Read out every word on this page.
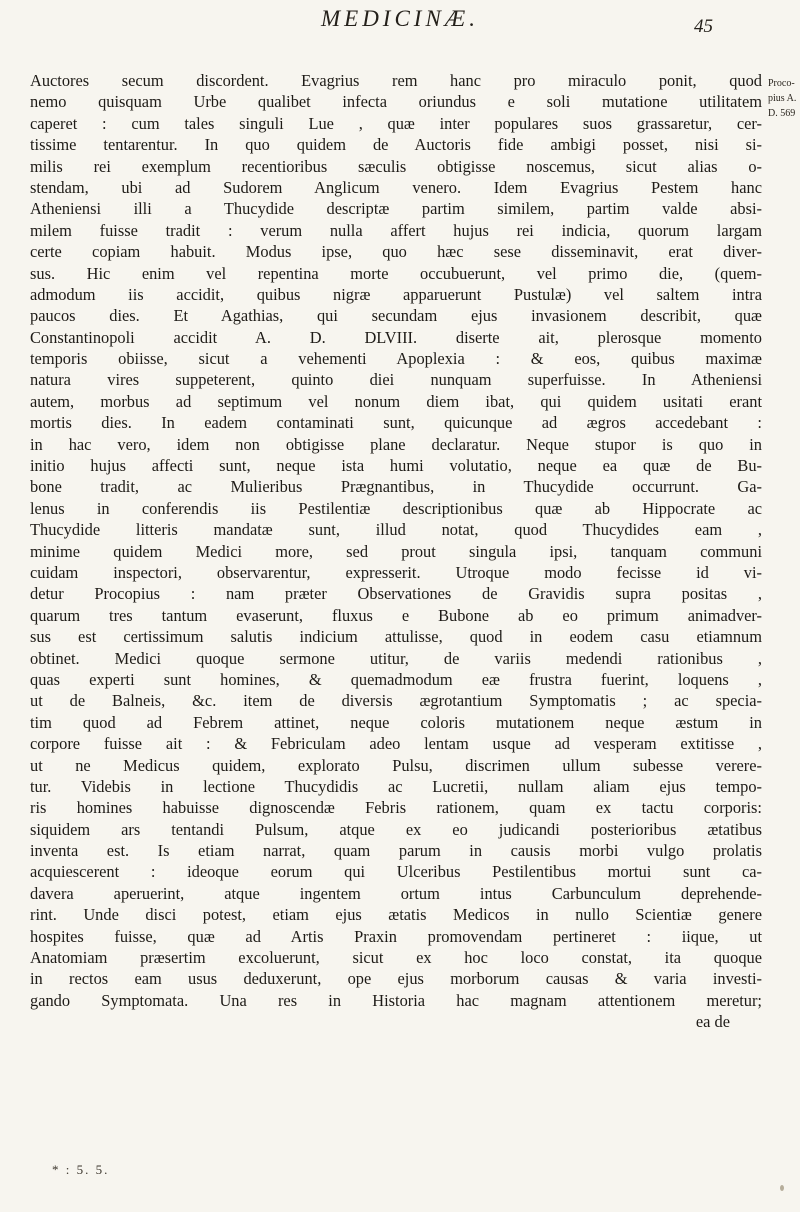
MEDICINÆ.	45
Proco-
pius A.
D. 569
Auctores secum discordent. Evagrius rem hanc pro miraculo ponit, quod
nemo quisquam Urbe qualibet infecta oriundus e soli mutatione utilitatem
caperet : cum tales singuli Lue , quæ inter populares suos grassaretur, cer-
tissime tentarentur. In quo quidem de Auctoris fide ambigi posset, nisi si-
milis rei exemplum recentioribus sæculis obtigisse noscemus, sicut alias o-
stendam, ubi ad Sudorem Anglicum venero. Idem Evagrius Pestem hanc
Atheniensi illi a Thucydide descriptæ partim similem, partim valde absi-
milem fuisse tradit : verum nulla affert hujus rei indicia, quorum largam
certe copiam habuit. Modus ipse, quo hæc sese disseminavit, erat diver-
sus. Hic enim vel repentina morte occubuerunt, vel primo die, (quem-
admodum iis accidit, quibus nigræ apparuerunt Pustulæ) vel saltem intra
paucos dies. Et Agathias, qui secundam ejus invasionem describit, quæ
Constantinopoli accidit A. D. DLVIII. diserte ait, plerosque momento
temporis obiisse, sicut a vehementi Apoplexia : & eos, quibus maximæ
natura vires suppeterent, quinto diei nunquam superfuisse. In Atheniensi
autem, morbus ad septimum vel nonum diem ibat, qui quidem usitati erant
mortis dies. In eadem contaminati sunt, quicunque ad ægros accedebant :
in hac vero, idem non obtigisse plane declaratur. Neque stupor is quo in
initio hujus affecti sunt, neque ista humi volutatio, neque ea quæ de Bu-
bone tradit, ac Mulieribus Prægnantibus, in Thucydide occurrunt. Ga-
lenus in conferendis iis Pestilentiæ descriptionibus quæ ab Hippocrate ac
Thucydide litteris mandatæ sunt, illud notat, quod Thucydides eam ,
minime quidem Medici more, sed prout singula ipsi, tanquam communi
cuidam inspectori, observarentur, expresserit. Utroque modo fecisse id vi-
detur Procopius : nam præter Observationes de Gravidis supra positas ,
quarum tres tantum evaserunt, fluxus e Bubone ab eo primum animadver-
sus est certissimum salutis indicium attulisse, quod in eodem casu etiamnum
obtinet. Medici quoque sermone utitur, de variis medendi rationibus ,
quas experti sunt homines, & quemadmodum eæ frustra fuerint, loquens ,
ut de Balneis, &c. item de diversis ægrotantium Symptomatis ; ac specia-
tim quod ad Febrem attinet, neque coloris mutationem neque æstum in
corpore fuisse ait : & Febriculam adeo lentam usque ad vesperam extitisse ,
ut ne Medicus quidem, explorato Pulsu, discrimen ullum subesse verere-
tur. Videbis in lectione Thucydidis ac Lucretii, nullam aliam ejus tempo-
ris homines habuisse dignoscendæ Febris rationem, quam ex tactu corporis:
siquidem ars tentandi Pulsum, atque ex eo judicandi posterioribus ætatibus
inventa est. Is etiam narrat, quam parum in causis morbi vulgo prolatis
acquiescerent : ideoque eorum qui Ulceribus Pestilentibus mortui sunt ca-
davera aperuerint, atque ingentem ortum intus Carbunculum deprehende-
rint. Unde disci potest, etiam ejus ætatis Medicos in nullo Scientiæ genere
hospites fuisse, quæ ad Artis Praxin promovendam pertineret : iique, ut
Anatomiam præsertim excoluerunt, sicut ex hoc loco constat, ita quoque
in rectos eam usus deduxerunt, ope ejus morborum causas & varia investi-
gando Symptomata. Una res in Historia hac magnam attentionem meretur;
ea de
* : 5. 5.
